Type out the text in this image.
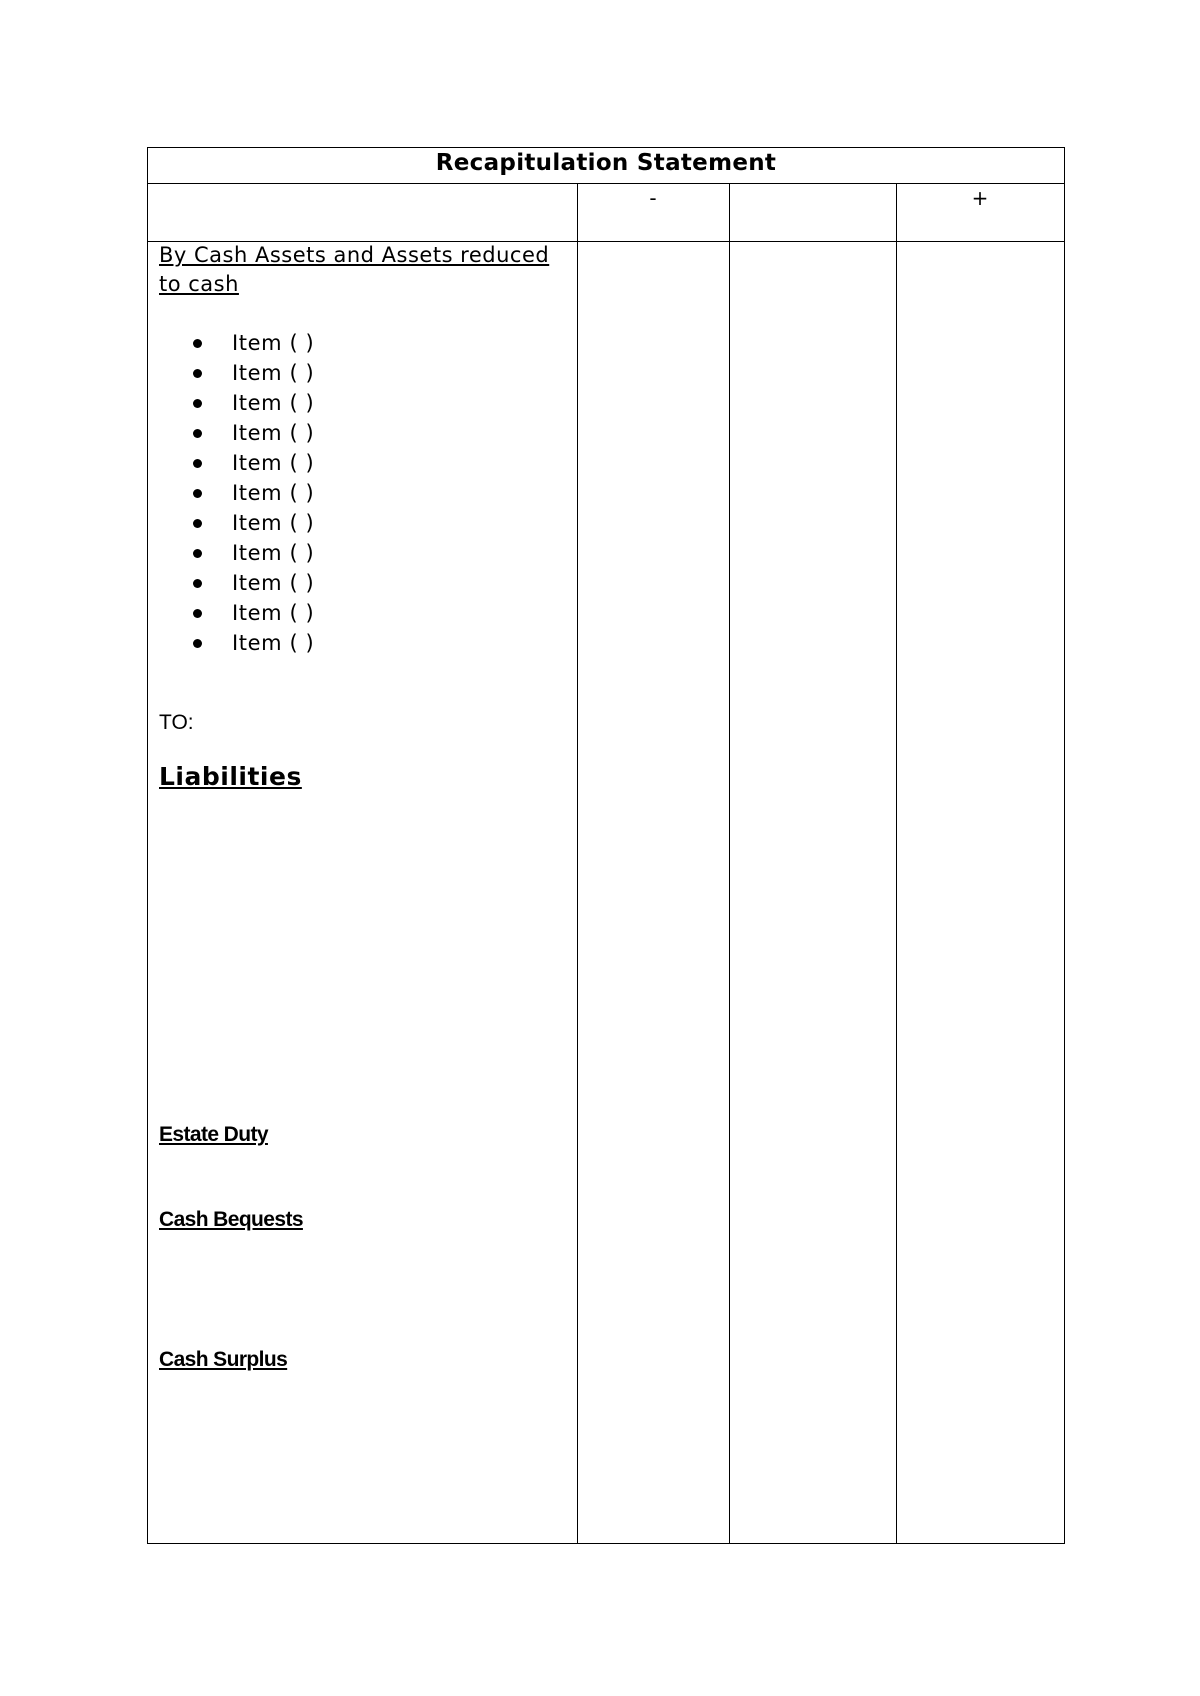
Recapitulation Statement
-	+
By Cash Assets and Assets reduced to cash
Item ( )
Item ( )
Item ( )
Item ( )
Item ( )
Item ( )
Item ( )
Item ( )
Item ( )
Item ( )
Item ( )
TO:
Liabilities
Estate Duty
Cash Bequests
Cash Surplus
